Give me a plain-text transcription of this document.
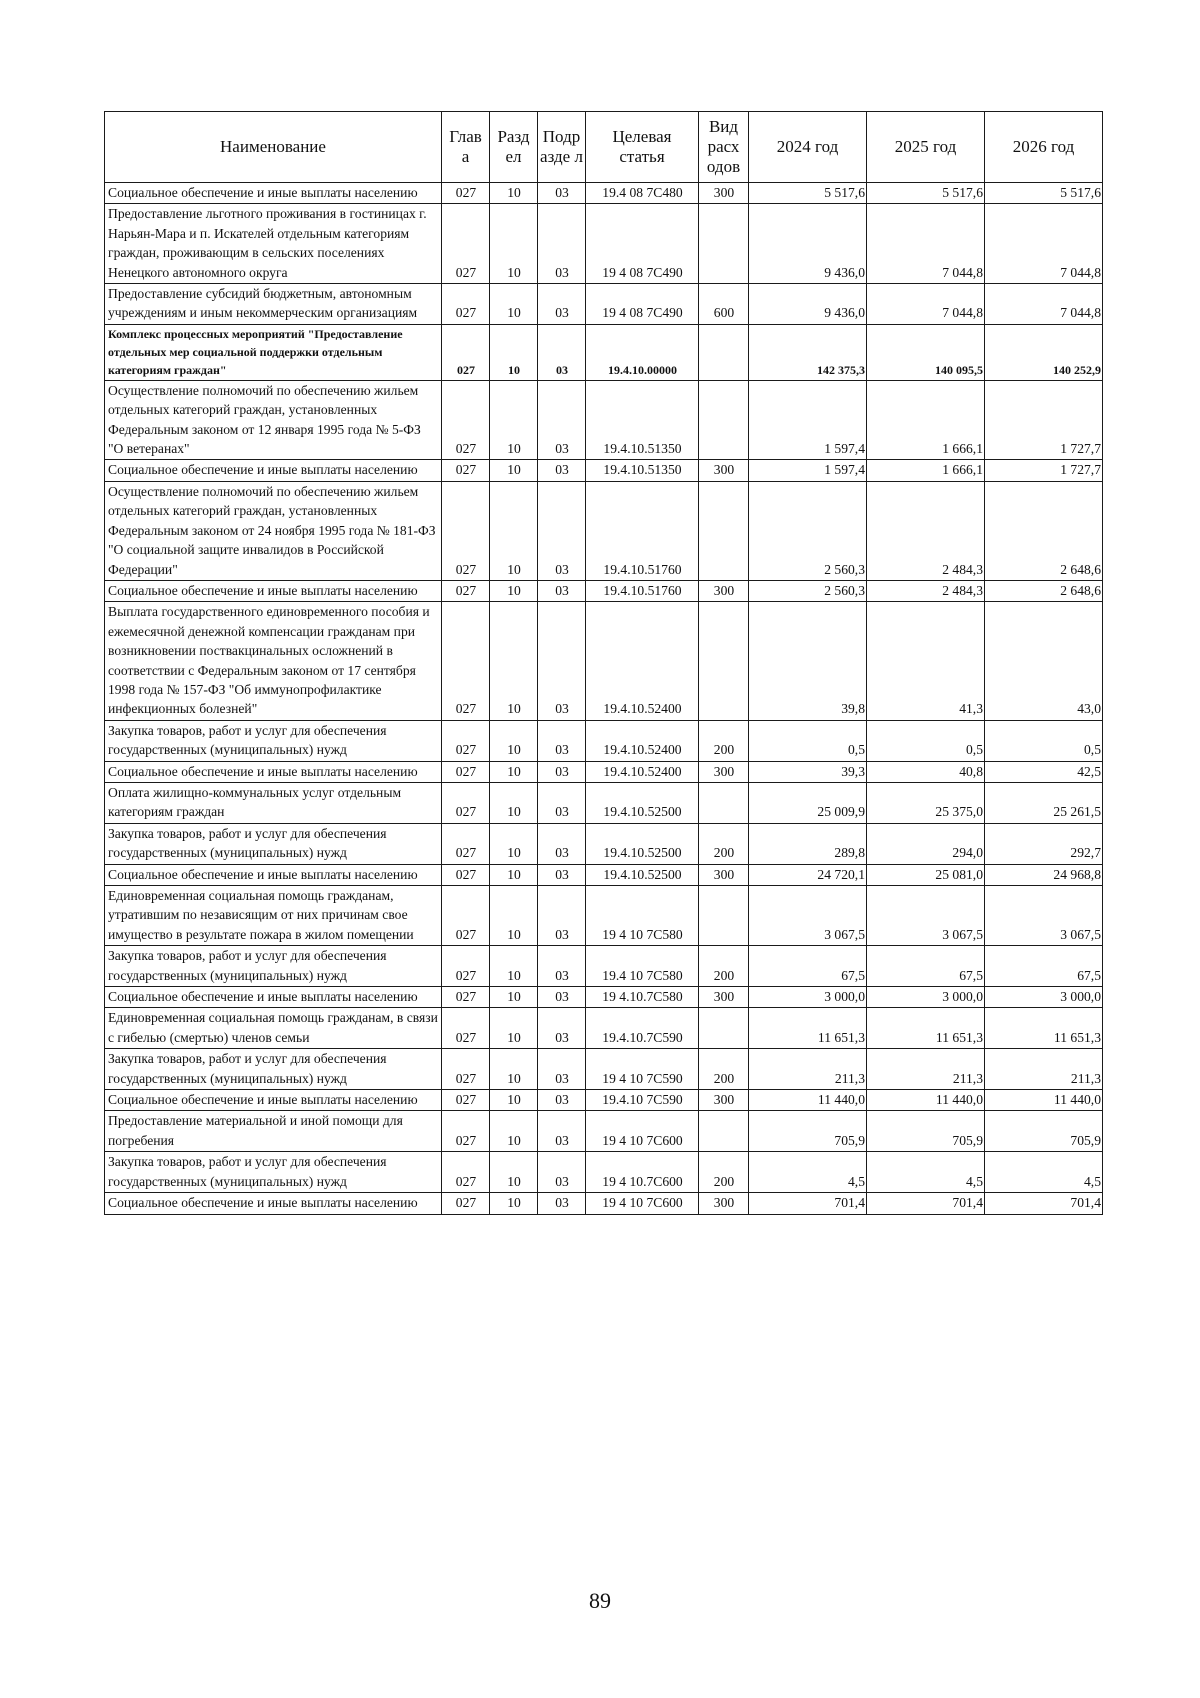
Наименование	Глав а	Разд ел	Подр азде л	Целевая статья	Вид расх одов	2024 год	2025 год	2026 год
Социальное обеспечение и иные выплаты населению	027	10	03	19.4 08 7С480	300	5 517,6	5 517,6	5 517,6
Предоставление льготного проживания в гостиницах г. Нарьян-Мара и п. Искателей отдельным категориям граждан, проживающим в сельских поселениях Ненецкого автономного округа	027	10	03	19 4 08 7С490		9 436,0	7 044,8	7 044,8
Предоставление субсидий бюджетным, автономным учреждениям и иным некоммерческим организациям	027	10	03	19 4 08 7С490	600	9 436,0	7 044,8	7 044,8
Комплекс процессных мероприятий "Предоставление отдельных мер социальной поддержки отдельным категориям граждан"	027	10	03	19.4.10.00000		142 375,3	140 095,5	140 252,9
Осуществление полномочий по обеспечению жильем отдельных категорий граждан, установленных Федеральным законом от 12 января 1995 года № 5-ФЗ "О ветеранах"	027	10	03	19.4.10.51350		1 597,4	1 666,1	1 727,7
Социальное обеспечение и иные выплаты населению	027	10	03	19.4.10.51350	300	1 597,4	1 666,1	1 727,7
Осуществление полномочий по обеспечению жильем отдельных категорий граждан, установленных Федеральным законом от 24 ноября 1995 года № 181-ФЗ "О социальной защите инвалидов в Российской Федерации"	027	10	03	19.4.10.51760		2 560,3	2 484,3	2 648,6
Социальное обеспечение и иные выплаты населению	027	10	03	19.4.10.51760	300	2 560,3	2 484,3	2 648,6
Выплата государственного единовременного пособия и ежемесячной денежной компенсации гражданам при возникновении поствакцинальных осложнений в соответствии с Федеральным законом от 17 сентября 1998 года № 157-ФЗ "Об иммунопрофилактике инфекционных болезней"	027	10	03	19.4.10.52400		39,8	41,3	43,0
Закупка товаров, работ и услуг для обеспечения государственных (муниципальных) нужд	027	10	03	19.4.10.52400	200	0,5	0,5	0,5
Социальное обеспечение и иные выплаты населению	027	10	03	19.4.10.52400	300	39,3	40,8	42,5
Оплата жилищно-коммунальных услуг отдельным категориям граждан	027	10	03	19.4.10.52500		25 009,9	25 375,0	25 261,5
Закупка товаров, работ и услуг для обеспечения государственных (муниципальных) нужд	027	10	03	19.4.10.52500	200	289,8	294,0	292,7
Социальное обеспечение и иные выплаты населению	027	10	03	19.4.10.52500	300	24 720,1	25 081,0	24 968,8
Единовременная социальная помощь гражданам, утратившим по независящим от них причинам свое имущество в результате пожара в жилом помещении	027	10	03	19 4 10 7С580		3 067,5	3 067,5	3 067,5
Закупка товаров, работ и услуг для обеспечения государственных (муниципальных) нужд	027	10	03	19.4 10 7С580	200	67,5	67,5	67,5
Социальное обеспечение и иные выплаты населению	027	10	03	19 4.10.7С580	300	3 000,0	3 000,0	3 000,0
Единовременная социальная помощь гражданам, в связи с гибелью (смертью) членов семьи	027	10	03	19.4.10.7С590		11 651,3	11 651,3	11 651,3
Закупка товаров, работ и услуг для обеспечения государственных (муниципальных) нужд	027	10	03	19 4 10 7С590	200	211,3	211,3	211,3
Социальное обеспечение и иные выплаты населению	027	10	03	19.4.10 7С590	300	11 440,0	11 440,0	11 440,0
Предоставление материальной и иной помощи для погребения	027	10	03	19 4 10 7С600		705,9	705,9	705,9
Закупка товаров, работ и услуг для обеспечения государственных (муниципальных) нужд	027	10	03	19 4 10.7С600	200	4,5	4,5	4,5
Социальное обеспечение и иные выплаты населению	027	10	03	19 4 10 7С600	300	701,4	701,4	701,4
89
